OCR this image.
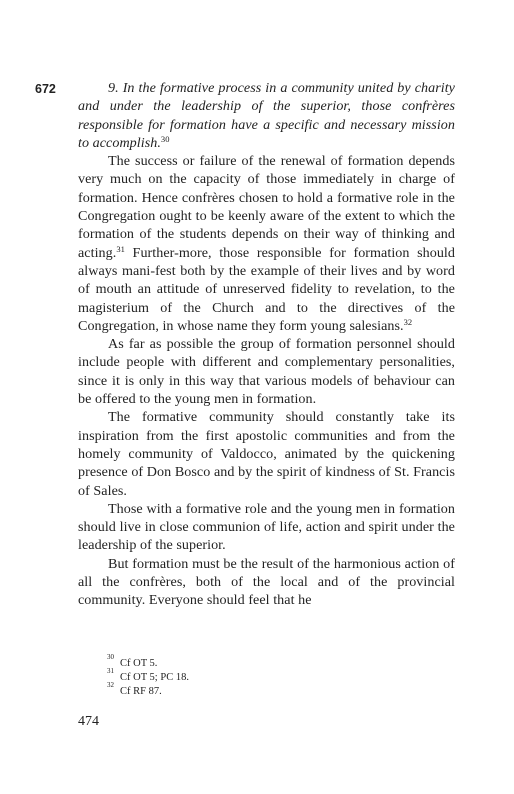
672	9. In the formative process in a community united by charity and under the leadership of the superior, those confrères responsible for formation have a specific and necessary mission to accomplish.$^{30}$

The success or failure of the renewal of formation depends very much on the capacity of those immediately in charge of formation. Hence confrères chosen to hold a formative role in the Congregation ought to be keenly aware of the extent to which the formation of the students depends on their way of thinking and acting.$^{31}$ Further-more, those responsible for formation should always mani-fest both by the example of their lives and by word of mouth an attitude of unreserved fidelity to revelation, to the magisterium of the Church and to the directives of the Congregation, in whose name they form young salesians.$^{32}$

As far as possible the group of formation personnel should include people with different and complementary personalities, since it is only in this way that various models of behaviour can be offered to the young men in formation.

The formative community should constantly take its inspiration from the first apostolic communities and from the homely community of Valdocco, animated by the quickening presence of Don Bosco and by the spirit of kindness of St. Francis of Sales.

Those with a formative role and the young men in formation should live in close communion of life, action and spirit under the leadership of the superior.

But formation must be the result of the harmonious action of all the confrères, both of the local and of the provincial community. Everyone should feel that he

30
Cf OT 5.
31
Cf OT 5; PC 18.
32
Cf RF 87.
474
